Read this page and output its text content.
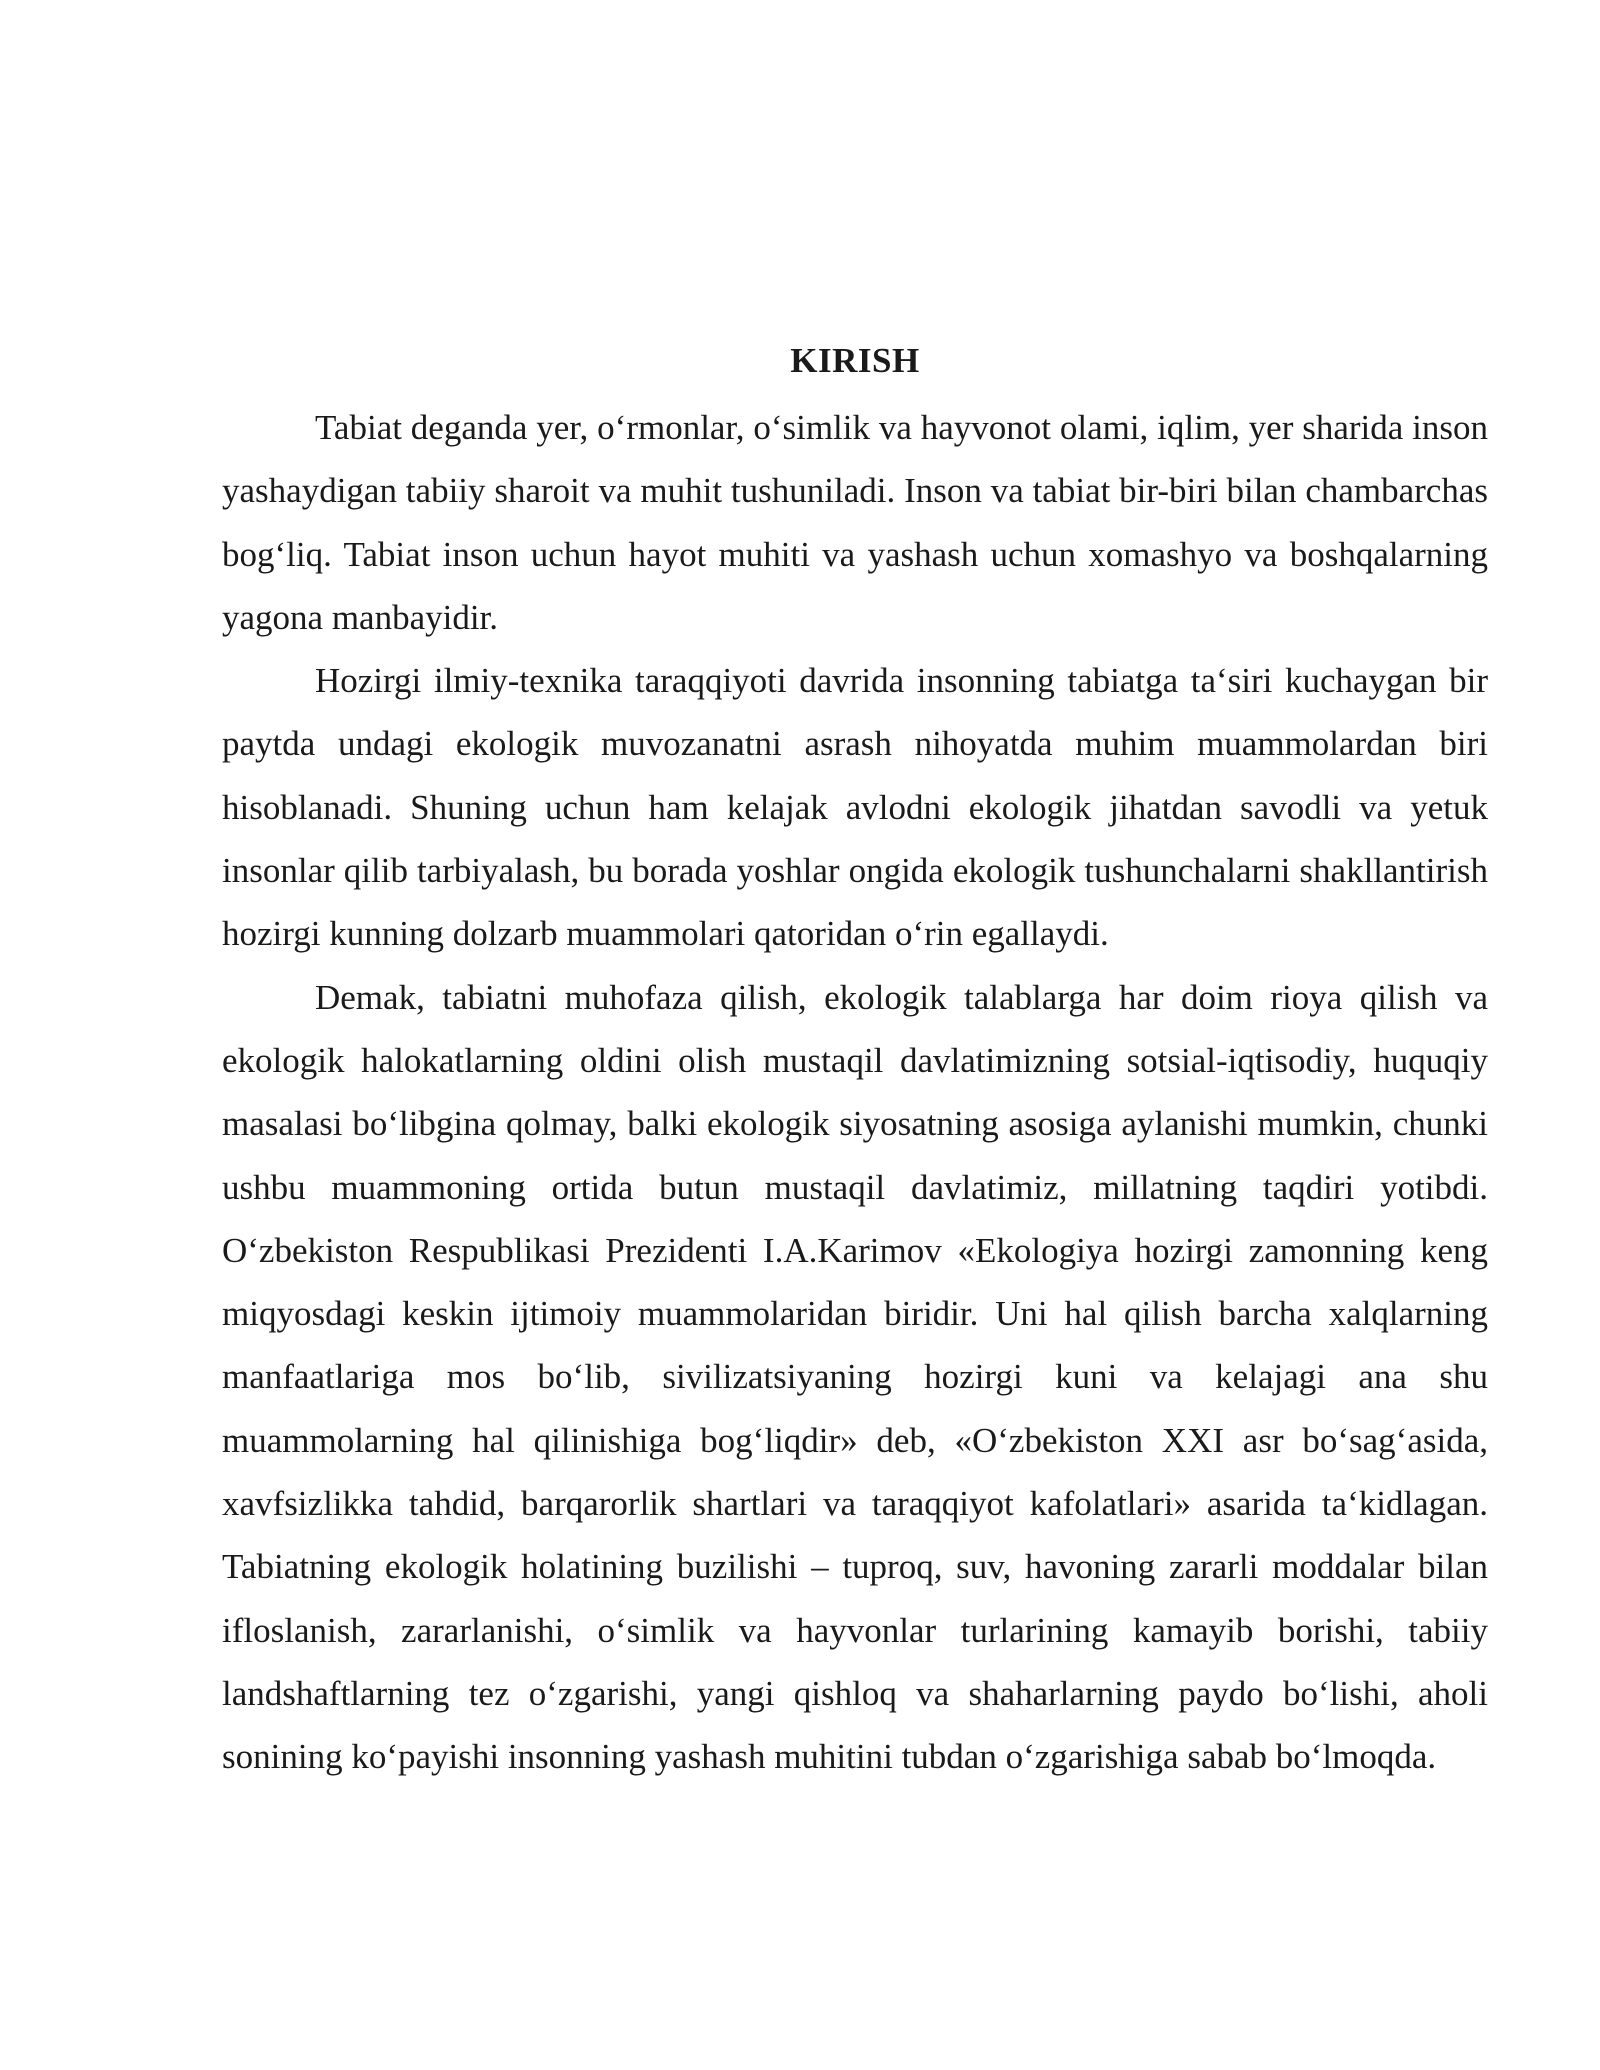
KIRISH

Tabiat deganda yer, o‘rmonlar, o‘simlik va hayvonot olami, iqlim, yer sharida inson yashaydigan tabiiy sharoit va muhit tushuniladi. Inson va tabiat bir-biri bilan chambarchas bog‘liq. Tabiat inson uchun hayot muhiti va yashash uchun xomashyo va boshqalarning yagona manbayidir.

Hozirgi ilmiy-texnika taraqqiyoti davrida insonning tabiatga ta‘siri kuchaygan bir paytda undagi ekologik muvozanatni asrash nihoyatda muhim muammolardan biri hisoblanadi. Shuning uchun ham kelajak avlodni ekologik jihatdan savodli va yetuk insonlar qilib tarbiyalash, bu borada yoshlar ongida ekologik tushunchalarni shakllantirish hozirgi kunning dolzarb muammolari qatoridan o‘rin egallaydi.

Demak, tabiatni muhofaza qilish, ekologik talablarga har doim rioya qilish va ekologik halokatlarning oldini olish mustaqil davlatimizning sotsial-iqtisodiy, huquqiy masalasi bo‘libgina qolmay, balki ekologik siyosatning asosiga aylanishi mumkin, chunki ushbu muammoning ortida butun mustaqil davlatimiz, millatning taqdiri yotibdi. O‘zbekiston Respublikasi Prezidenti I.A.Karimov «Ekologiya hozirgi zamonning keng miqyosdagi keskin ijtimoiy muammolaridan biridir. Uni hal qilish barcha xalqlarning manfaatlariga mos bo‘lib, sivilizatsiyaning hozirgi kuni va kelajagi ana shu muammolarning hal qilinishiga bog‘liqdir» deb, «O‘zbekiston XXI asr bo‘sag‘asida, xavfsizlikka tahdid, barqarorlik shartlari va taraqqiyot kafolatlari» asarida ta‘kidlagan. Tabiatning ekologik holatining buzilishi – tuproq, suv, havoning zararli moddalar bilan ifloslanish, zararlanishi, o‘simlik va hayvonlar turlarining kamayib borishi, tabiiy landshaftlarning tez o‘zgarishi, yangi qishloq va shaharlarning paydo bo‘lishi, aholi sonining ko‘payishi insonning yashash muhitini tubdan o‘zgarishiga sabab bo‘lmoqda.
